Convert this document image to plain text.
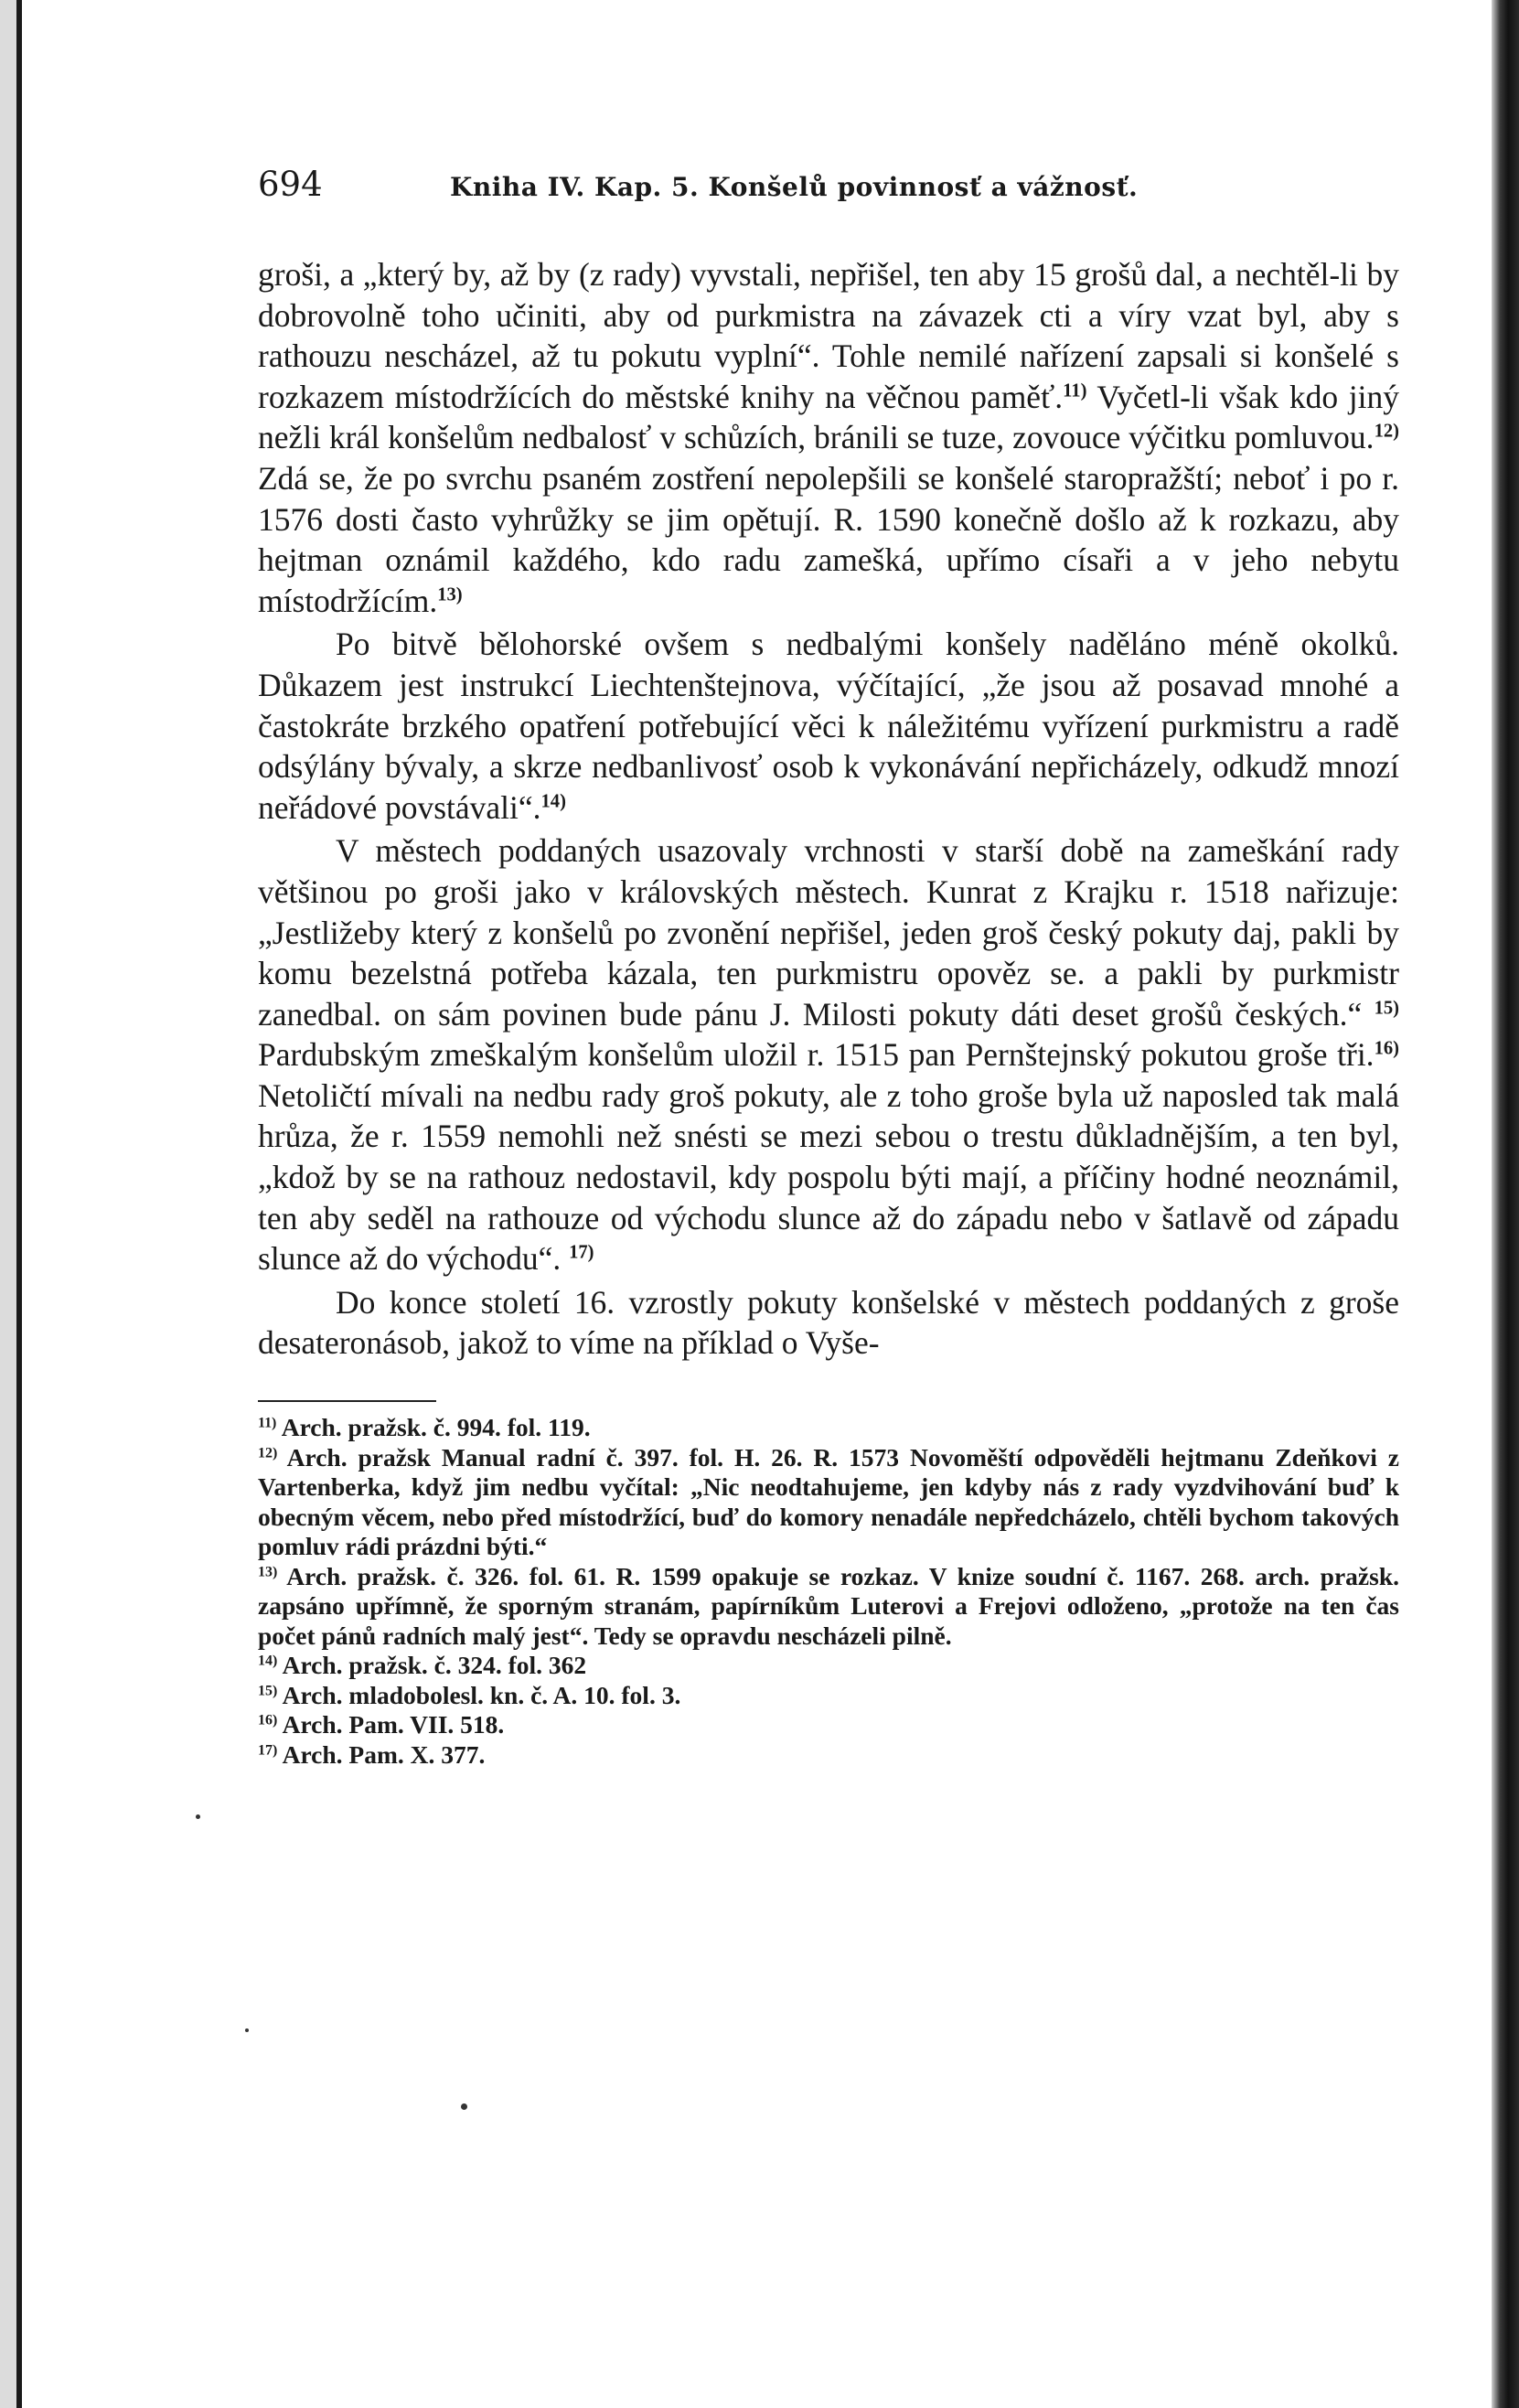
694	Kniha IV. Kap. 5. Konšelů povinnosť a vážnosť.

groši, a „který by, až by (z rady) vyvstali, nepřišel, ten aby 15 grošů dal, a nechtěl-li by dobrovolně toho učiniti, aby od purkmistra na závazek cti a víry vzat byl, aby s rathouzu nescházel, až tu pokutu vyplní“. Tohle nemilé nařízení zapsali si konšelé s rozkazem místodržících do městské knihy na věčnou paměť.$^{11)}$ Vyčetl-li však kdo jiný nežli král konšelům nedbalosť v schůzích, bránili se tuze, zovouce výčitku pomluvou.$^{12)}$ Zdá se, že po svrchu psaném zostření nepolepšili se konšelé staropražští; neboť i po r. 1576 dosti často vyhrůžky se jim opětují. R. 1590 konečně došlo až k rozkazu, aby hejtman oznámil každého, kdo radu zamešká, upřímo císaři a v jeho nebytu místodržícím.$^{13)}$

Po bitvě bělohorské ovšem s nedbalými konšely naděláno méně okolků. Důkazem jest instrukcí Liechtenštejnova, výčítající, „že jsou až posavad mnohé a častokráte brzkého opatření potřebující věci k náležitému vyřízení purkmistru a radě odsýlány bývaly, a skrze nedbanlivosť osob k vykonávání nepřicházely, odkudž mnozí neřádové povstávali“.$^{14)}$

V městech poddaných usazovaly vrchnosti v starší době na zameškání rady většinou po groši jako v královských městech. Kunrat z Krajku r. 1518 nařizuje: „Jestližeby který z konšelů po zvonění nepřišel, jeden groš český pokuty daj, pakli by komu bezelstná potřeba kázala, ten purkmistru opověz se. a pakli by purkmistr zanedbal. on sám povinen bude pánu J. Milosti pokuty dáti deset grošů českých.“ $^{15)}$ Pardubským zmeškalým konšelům uložil r. 1515 pan Pernštejnský pokutou groše tři.$^{16)}$ Netoličtí mívali na nedbu rady groš pokuty, ale z toho groše byla už naposled tak malá hrůza, že r. 1559 nemohli než snésti se mezi sebou o trestu důkladnějším, a ten byl, „kdož by se na rathouz nedostavil, kdy pospolu býti mají, a příčiny hodné neoznámil, ten aby seděl na rathouze od východu slunce až do západu nebo v šatlavě od západu slunce až do východu“. $^{17)}$

Do konce století 16. vzrostly pokuty konšelské v městech poddaných z groše desateronásob, jakož to víme na příklad o Vyše-

$^{11)}$ Arch. pražsk. č. 994. fol. 119.

$^{12)}$ Arch. pražsk Manual radní č. 397. fol. H. 26. R. 1573 Novoměští odpověděli hejtmanu Zdeňkovi z Vartenberka, když jim nedbu vyčítal: „Nic neodtahujeme, jen kdyby nás z rady vyzdvihování buď k obecným věcem, nebo před místodržící, buď do komory nenadále nepředcházelo, chtěli bychom takových pomluv rádi prázdni býti.“

$^{13)}$ Arch. pražsk. č. 326. fol. 61. R. 1599 opakuje se rozkaz. V knize soudní č. 1167. 268. arch. pražsk. zapsáno upřímně, že sporným stranám, papírníkům Luterovi a Frejovi odloženo, „protože na ten čas počet pánů radních malý jest“. Tedy se opravdu nescházeli pilně.

$^{14)}$ Arch. pražsk. č. 324. fol. 362

$^{15)}$ Arch. mladobolesl. kn. č. A. 10. fol. 3.

$^{16)}$ Arch. Pam. VII. 518.

$^{17)}$ Arch. Pam. X. 377.
